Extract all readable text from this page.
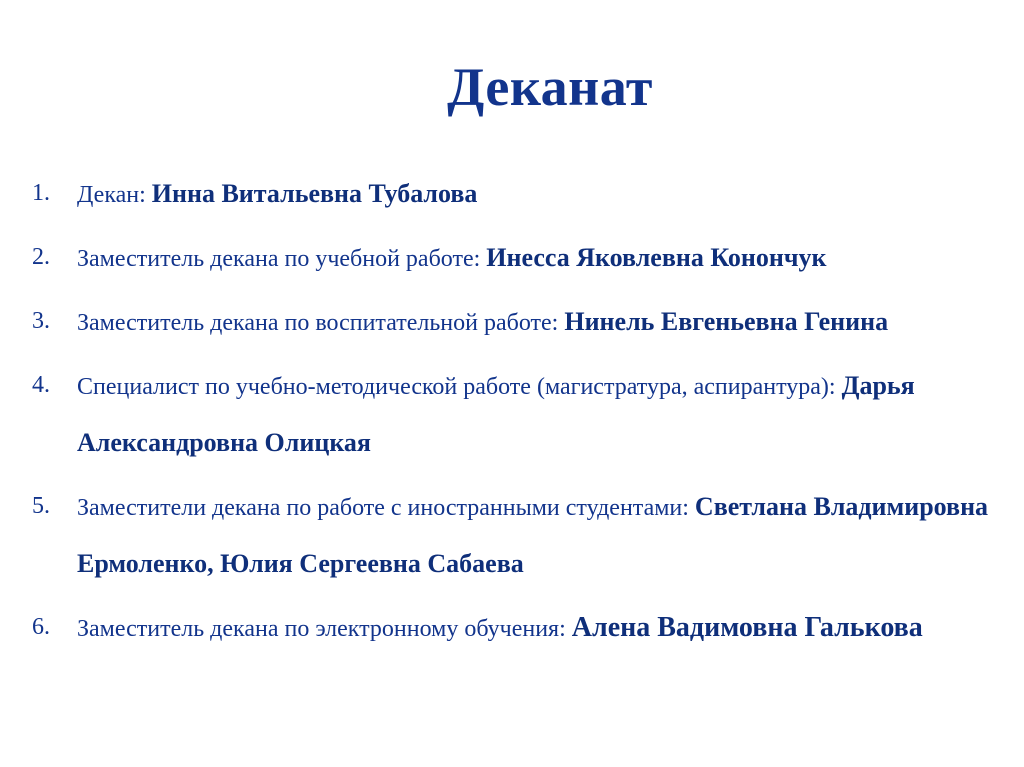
Деканат
1.	Декан: Инна Витальевна Тубалова
2.	Заместитель декана по учебной работе: Инесса Яковлевна Конончук
3.	Заместитель декана по воспитательной работе: Нинель Евгеньевна Генина
4.	Специалист по учебно-методической работе (магистратура, аспирантура): Дарья Александровна Олицкая
5.	Заместители декана по работе с иностранными студентами: Светлана Владимировна Ермоленко, Юлия Сергеевна Сабаева
6.	Заместитель декана по электронному обучения: Алена Вадимовна Галькова
